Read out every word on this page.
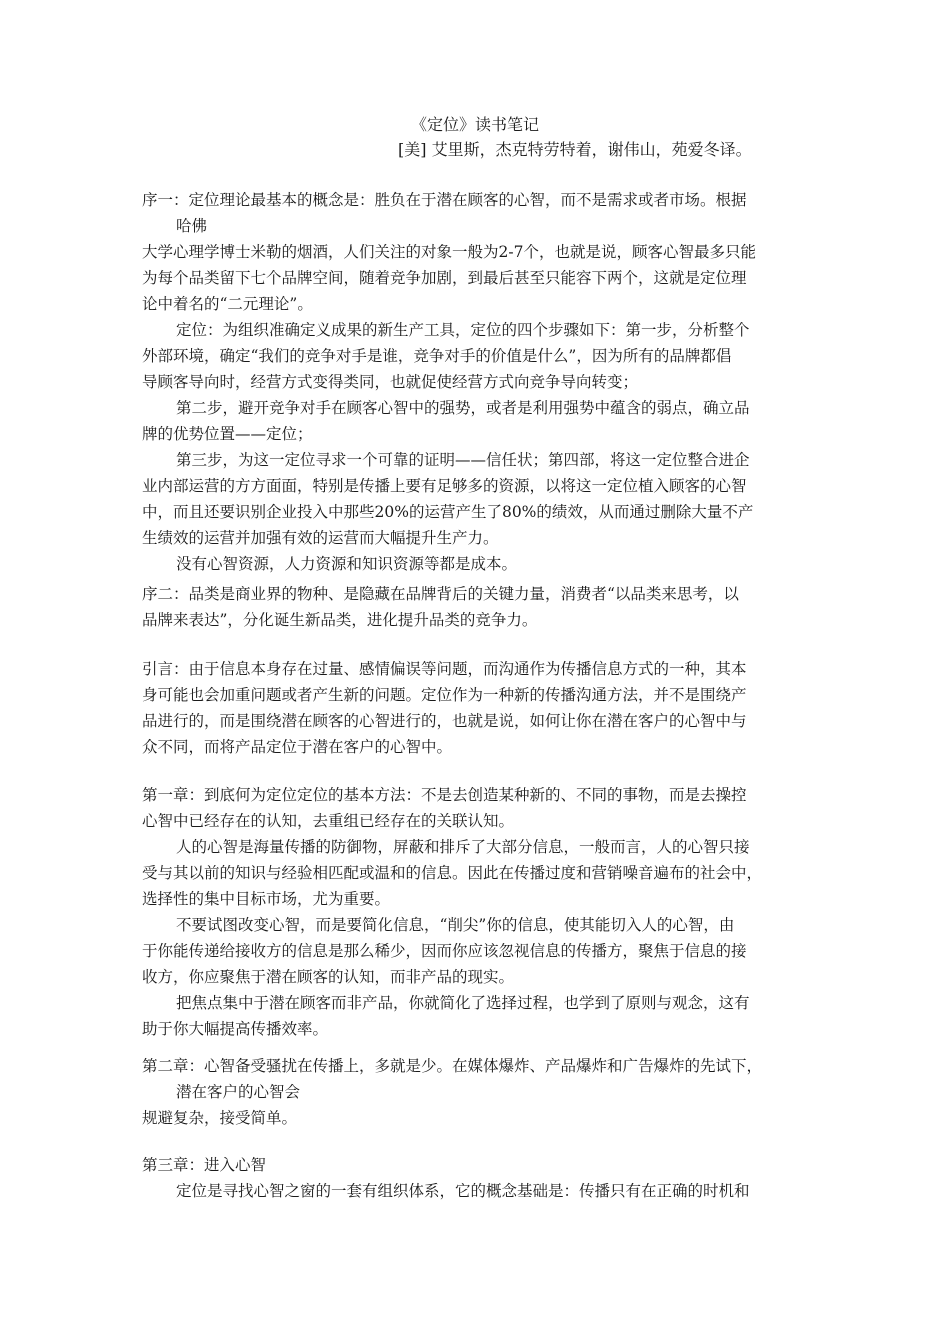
《定位》读书笔记
[美] 艾里斯，杰克特劳特着，谢伟山，苑爱冬译。
序一：定位理论最基本的概念是：胜负在于潜在顾客的心智，而不是需求或者市场。根据
哈佛
大学心理学博士米勒的烟酒，人们关注的对象一般为2-7个，也就是说，顾客心智最多只能
为每个品类留下七个品牌空间，随着竞争加剧，到最后甚至只能容下两个，这就是定位理
论中着名的“二元理论”。
定位：为组织准确定义成果的新生产工具，定位的四个步骤如下：第一步，分析整个
外部环境，确定“我们的竞争对手是谁，竞争对手的价值是什么”，因为所有的品牌都倡
导顾客导向时，经营方式变得类同，也就促使经营方式向竞争导向转变；
第二步，避开竞争对手在顾客心智中的强势，或者是利用强势中蕴含的弱点，确立品
牌的优势位置——定位；
第三步，为这一定位寻求一个可靠的证明——信任状；第四部，将这一定位整合进企
业内部运营的方方面面，特别是传播上要有足够多的资源，以将这一定位植入顾客的心智
中，而且还要识别企业投入中那些20%的运营产生了80%的绩效，从而通过删除大量不产
生绩效的运营并加强有效的运营而大幅提升生产力。
没有心智资源，人力资源和知识资源等都是成本。
序二：品类是商业界的物种、是隐藏在品牌背后的关键力量，消费者“以品类来思考，以
品牌来表达”，分化诞生新品类，进化提升品类的竞争力。
引言：由于信息本身存在过量、感情偏误等问题，而沟通作为传播信息方式的一种，其本
身可能也会加重问题或者产生新的问题。定位作为一种新的传播沟通方法，并不是围绕产
品进行的，而是围绕潜在顾客的心智进行的，也就是说，如何让你在潜在客户的心智中与
众不同，而将产品定位于潜在客户的心智中。
第一章：到底何为定位定位的基本方法：不是去创造某种新的、不同的事物，而是去操控
心智中已经存在的认知，去重组已经存在的关联认知。
人的心智是海量传播的防御物，屏蔽和排斥了大部分信息，一般而言，人的心智只接
受与其以前的知识与经验相匹配或温和的信息。因此在传播过度和营销噪音遍布的社会中，
选择性的集中目标市场，尤为重要。
不要试图改变心智，而是要简化信息，“削尖”你的信息，使其能切入人的心智，由
于你能传递给接收方的信息是那么稀少，因而你应该忽视信息的传播方，聚焦于信息的接
收方，你应聚焦于潜在顾客的认知，而非产品的现实。
把焦点集中于潜在顾客而非产品，你就简化了选择过程，也学到了原则与观念，这有
助于你大幅提高传播效率。
第二章：心智备受骚扰在传播上，多就是少。在媒体爆炸、产品爆炸和广告爆炸的先试下，
潜在客户的心智会
规避复杂，接受简单。
第三章：进入心智
定位是寻找心智之窗的一套有组织体系，它的概念基础是：传播只有在正确的时机和
